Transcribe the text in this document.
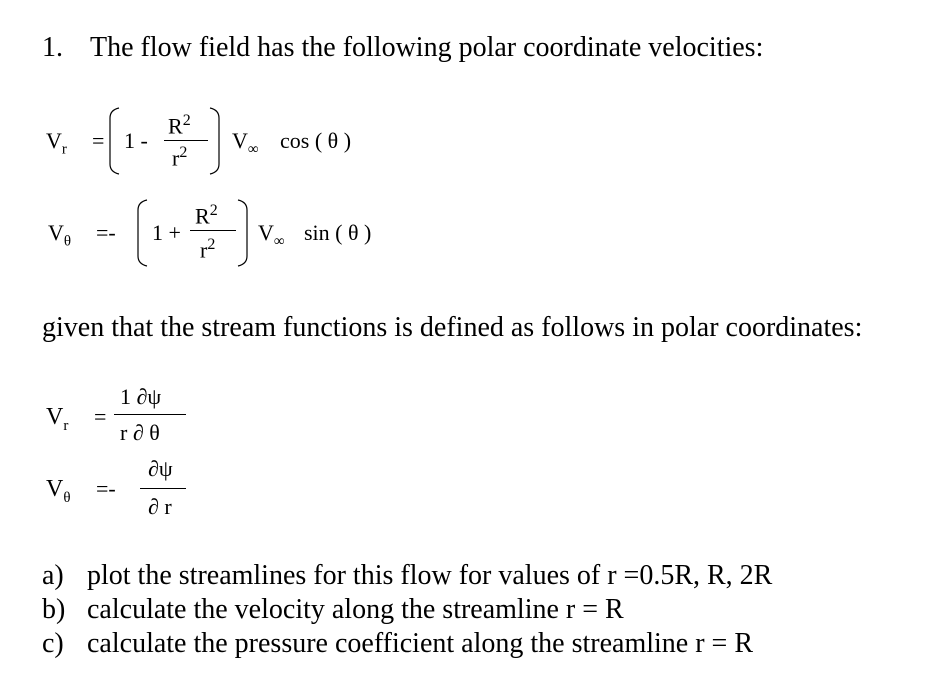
1. The flow field has the following polar coordinate velocities:
$V_r = 1$ -
$R^2$
$r^2$ $V_\infty$ cos ( θ )
$V_\theta =- 1$ +
$R^2$
$r^2$ $V_\infty$ sin ( θ )
given that the stream functions is defined as follows in polar coordinates:
$V_r$ =
1 ∂ψ
r ∂ θ
$V_\theta$ =-
∂ψ
∂ r
a) plot the streamlines for this flow for values of r =0.5R, R, 2R
b) calculate the velocity along the streamline r = R
c) calculate the pressure coefficient along the streamline r = R
